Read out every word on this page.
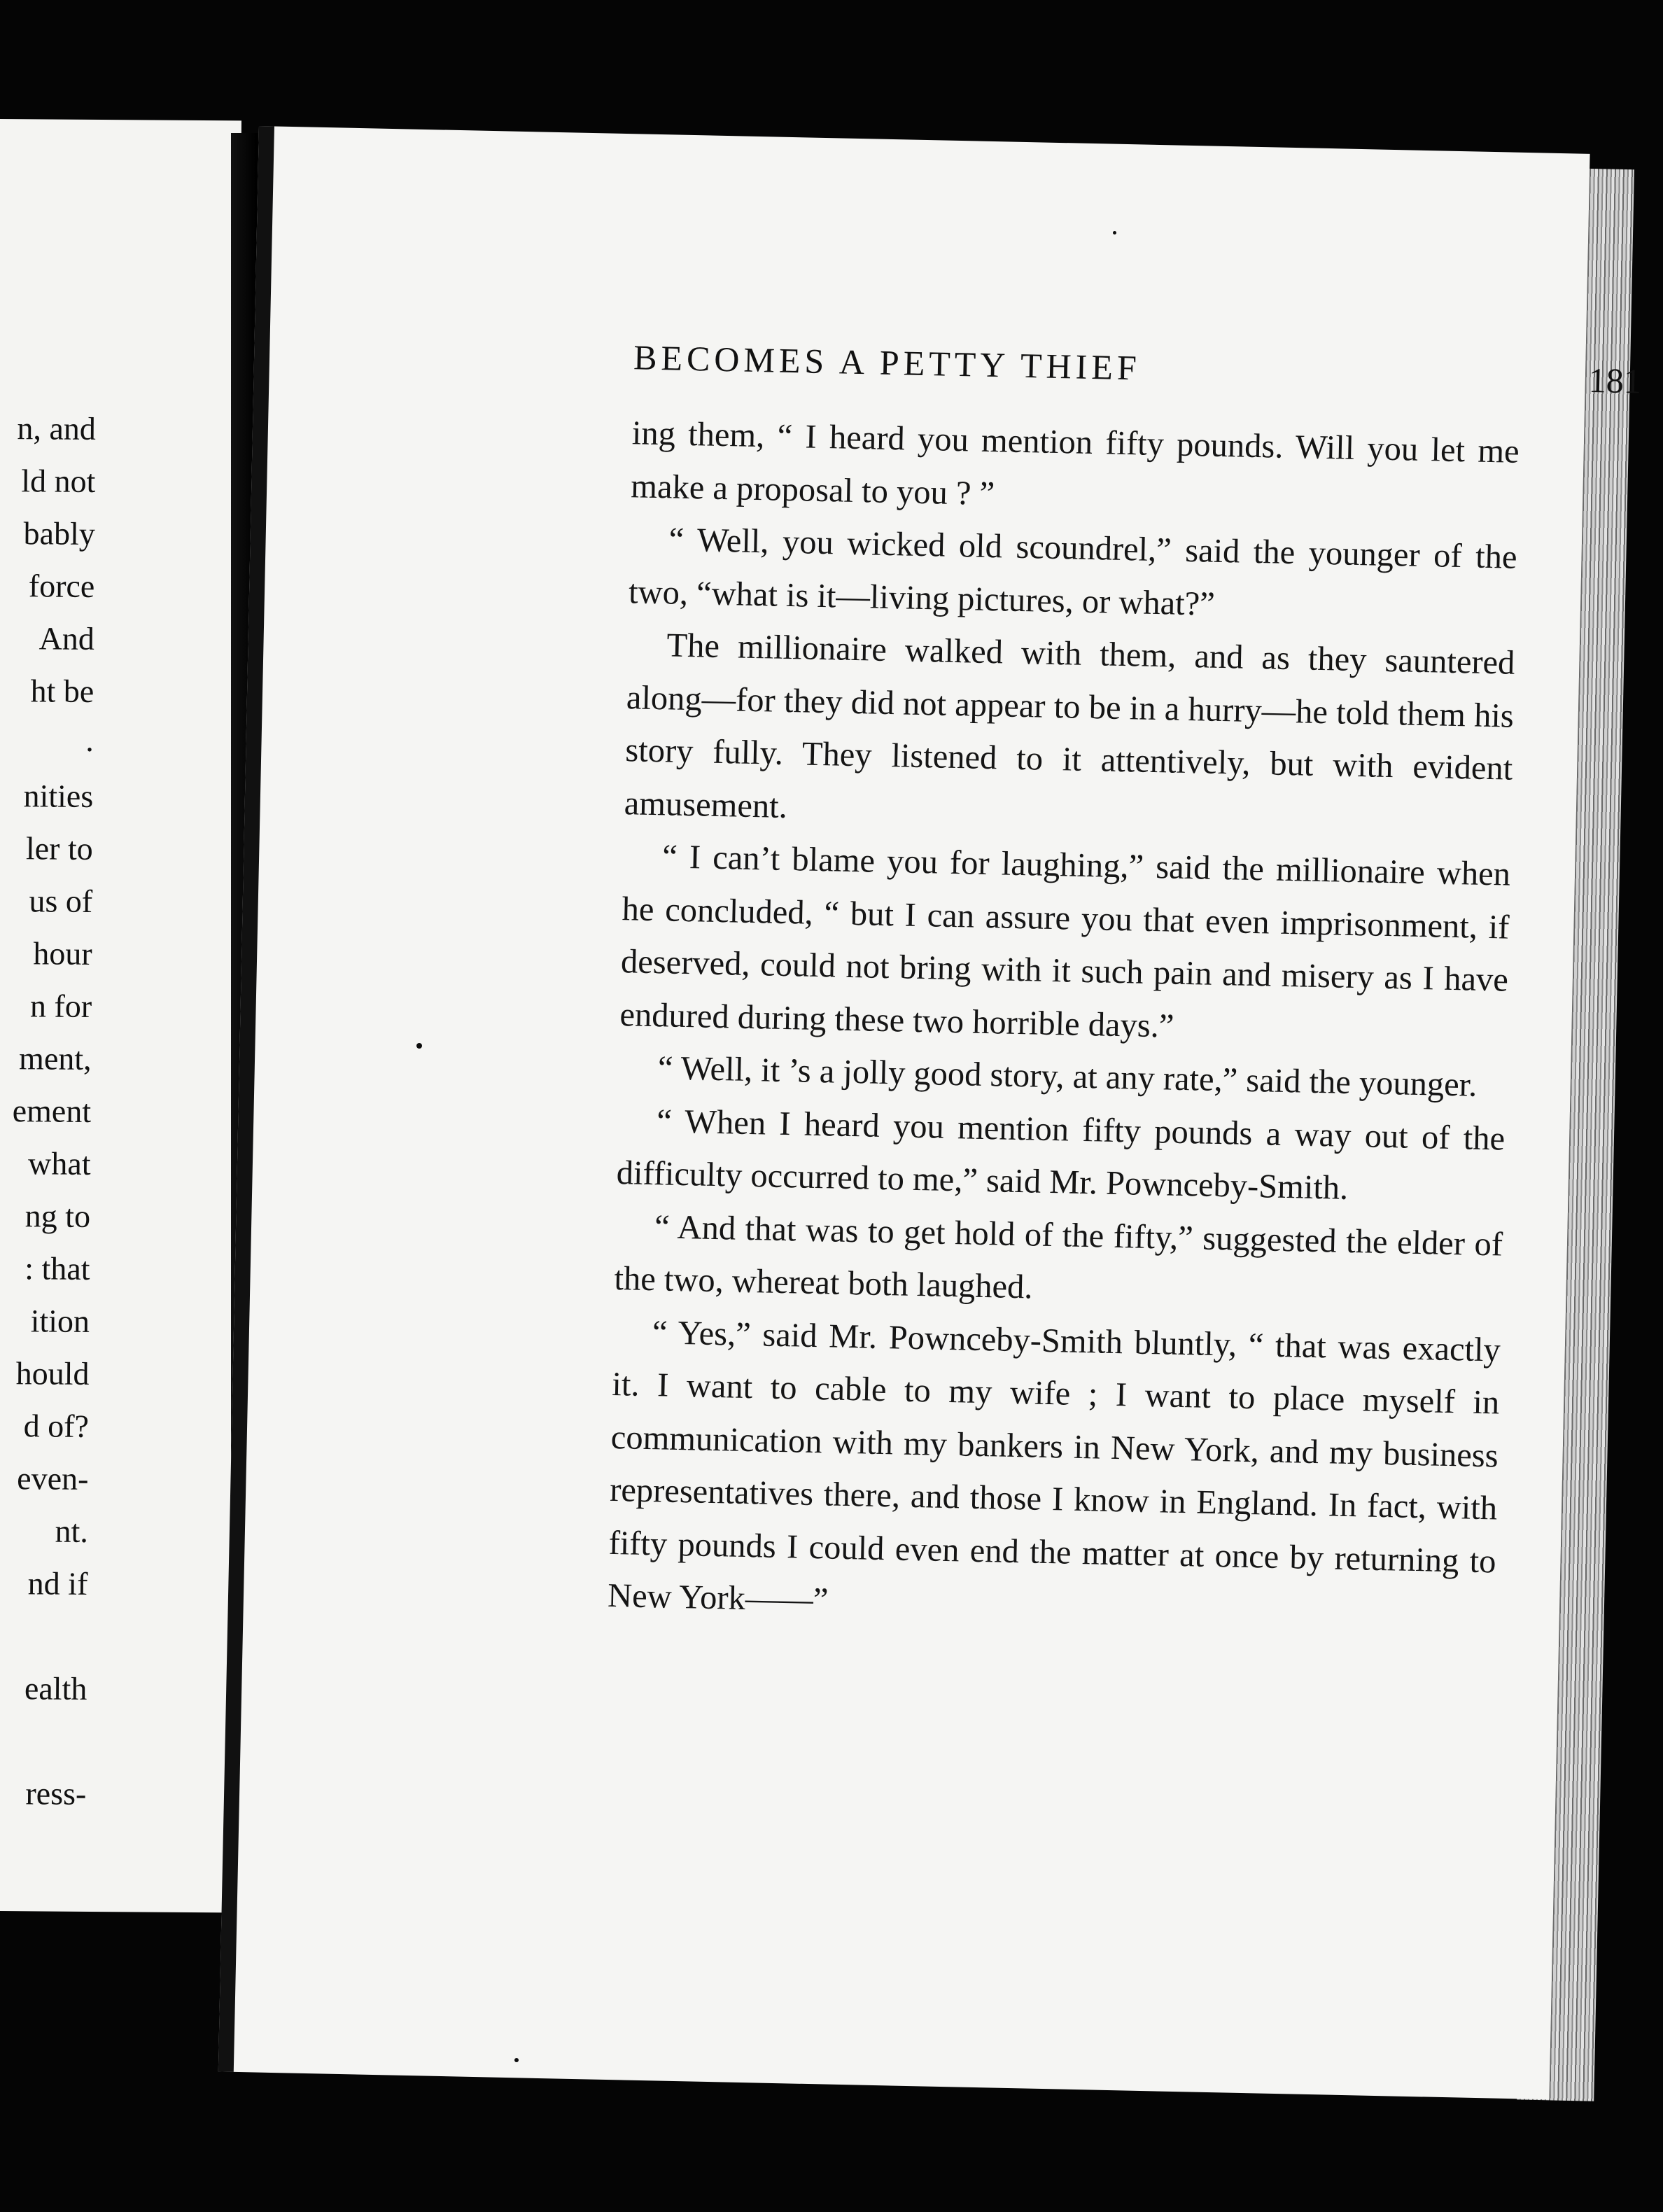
n, and
ld not
bably
force
And
ht be
.
nities
ler to
us of
hour
n for
ment,
ement
what
ng to
: that
ition
hould
d of?
even-
nt.
nd if
ealth
ress-
BECOMES A PETTY THIEF	181

ing them, “ I heard you mention fifty pounds. Will you let me make a proposal to you ? ”

“ Well, you wicked old scoundrel,” said the younger of the two, “what is it—living pictures, or what?”

The millionaire walked with them, and as they sauntered along—for they did not appear to be in a hurry—he told them his story fully. They listened to it attentively, but with evident amusement.

“ I can’t blame you for laughing,” said the millionaire when he concluded, “ but I can assure you that even imprisonment, if deserved, could not bring with it such pain and misery as I have endured during these two horrible days.”

“ Well, it ’s a jolly good story, at any rate,” said the younger.

“ When I heard you mention fifty pounds a way out of the difficulty occurred to me,” said Mr. Pownceby-Smith.

“ And that was to get hold of the fifty,” suggested the elder of the two, whereat both laughed.

“ Yes,” said Mr. Pownceby-Smith bluntly, “ that was exactly it. I want to cable to my wife ; I want to place myself in communication with my bankers in New York, and my business representatives there, and those I know in England. In fact, with fifty pounds I could even end the matter at once by returning to New York——”
